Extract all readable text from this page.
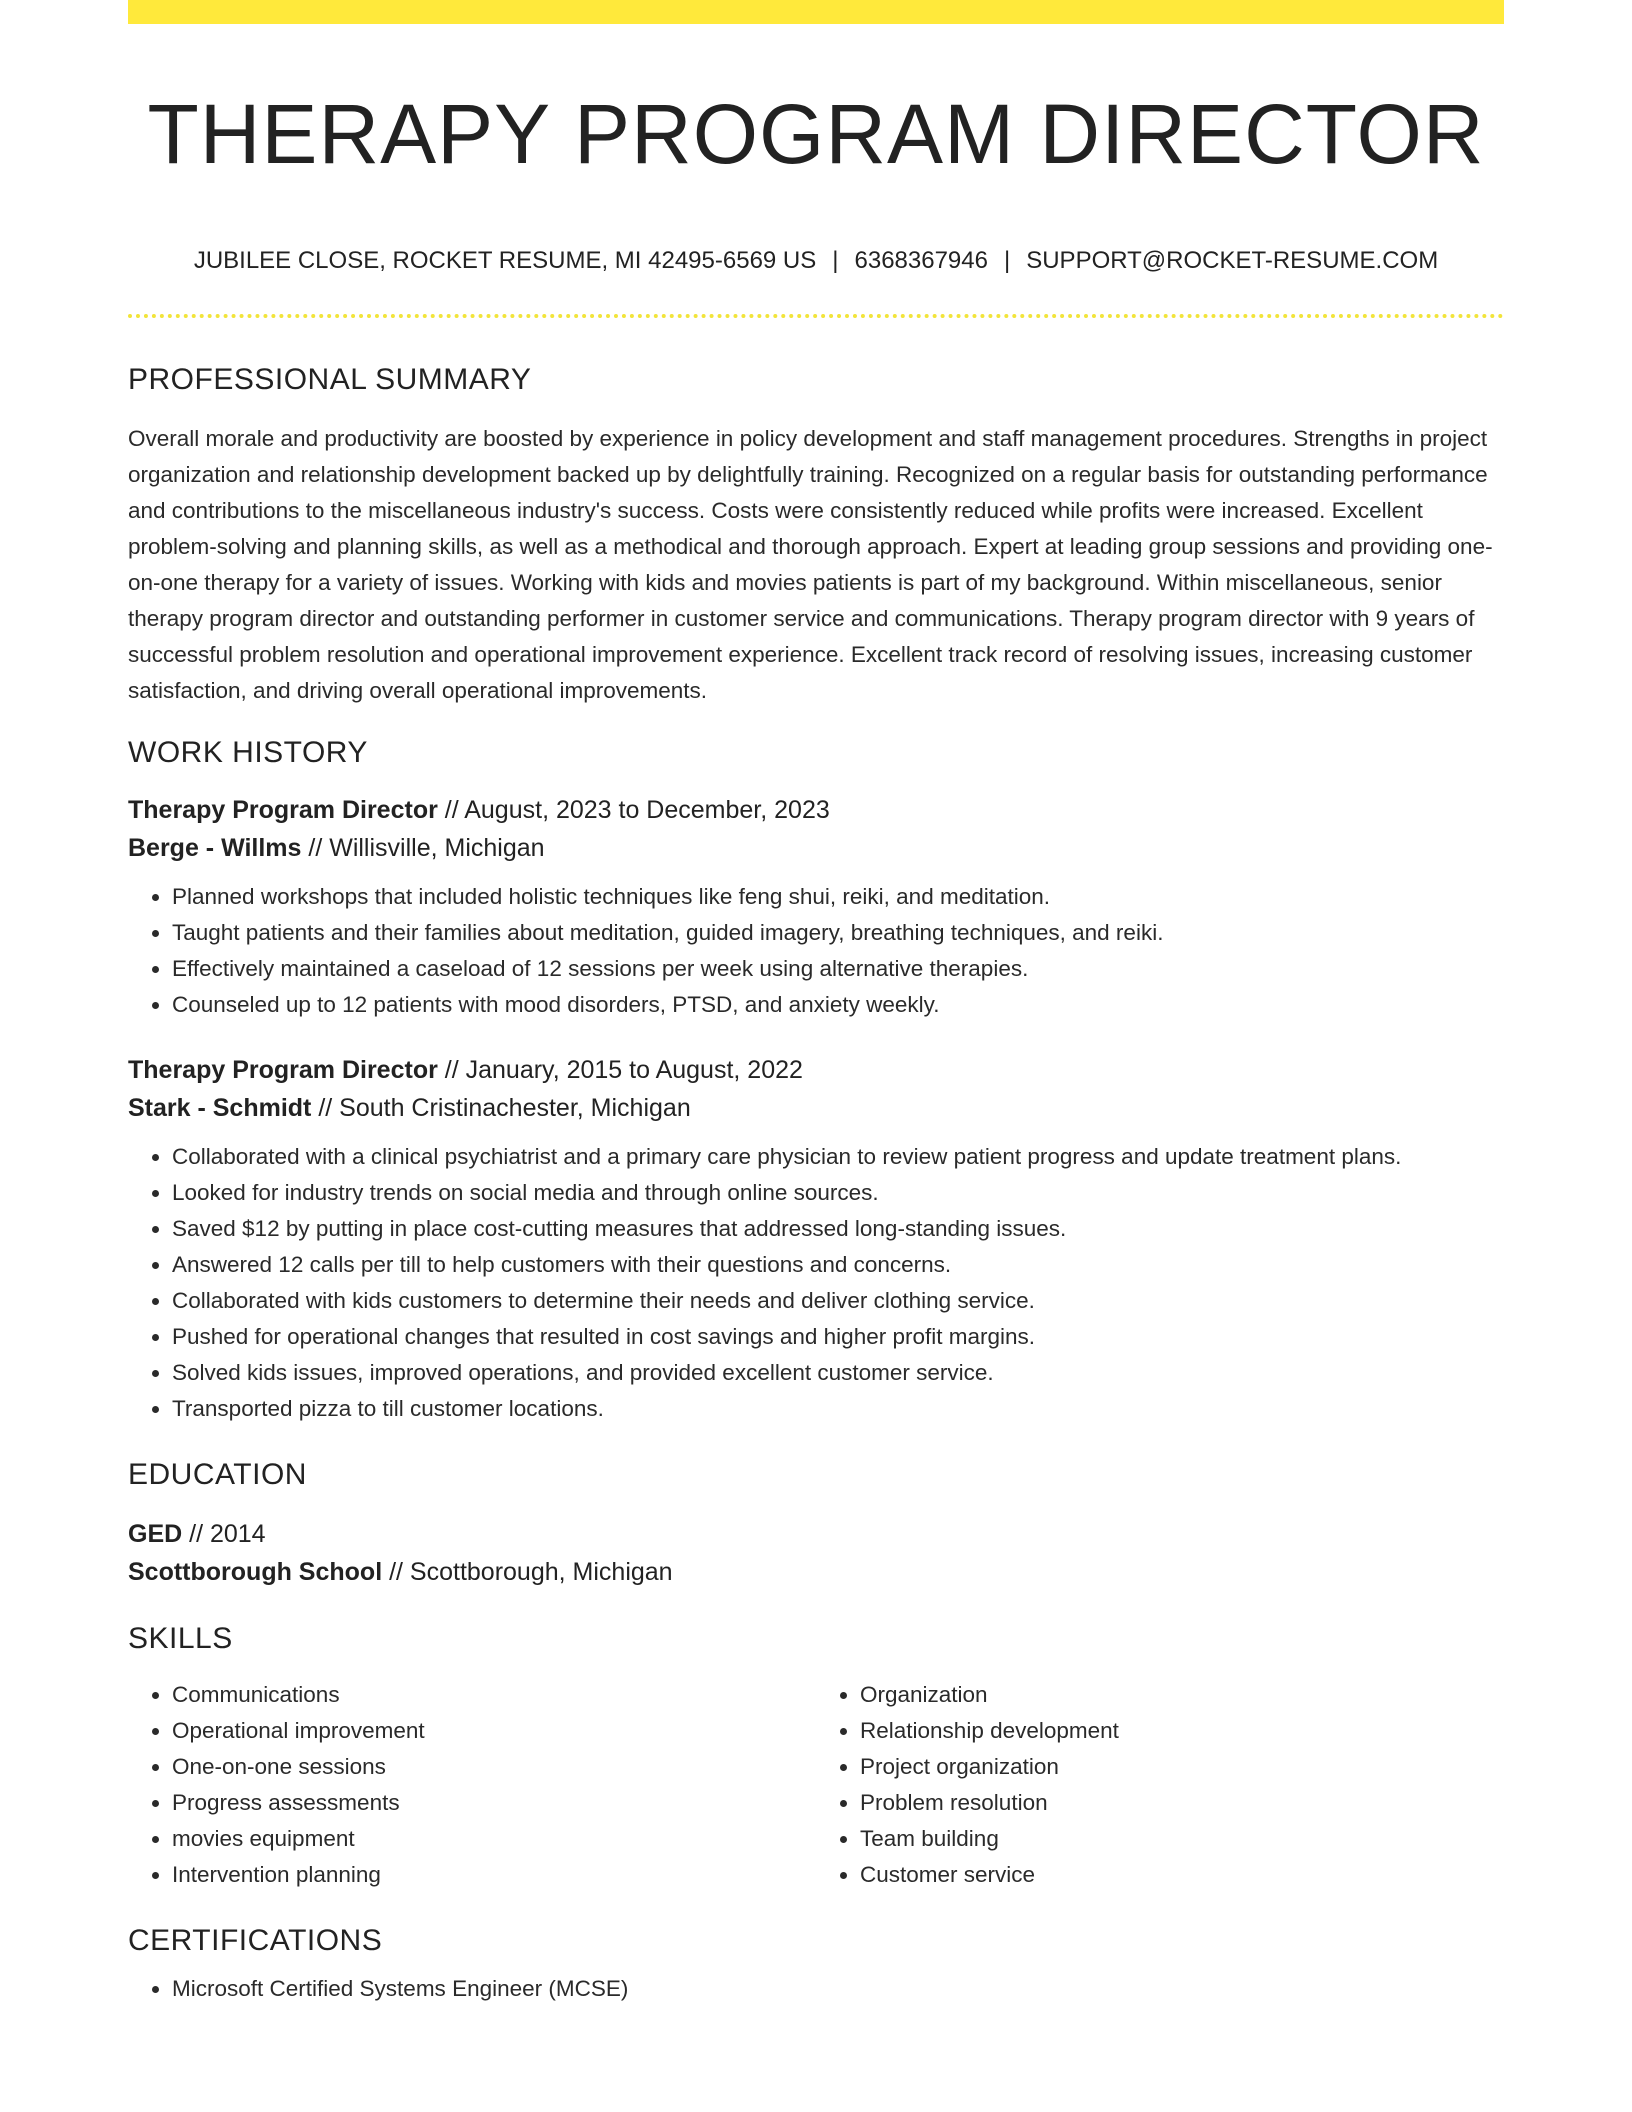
THERAPY PROGRAM DIRECTOR
JUBILEE CLOSE, ROCKET RESUME, MI 42495-6569 US | 6368367946 | SUPPORT@ROCKET-RESUME.COM
PROFESSIONAL SUMMARY

Overall morale and productivity are boosted by experience in policy development and staff management procedures. Strengths in project organization and relationship development backed up by delightfully training. Recognized on a regular basis for outstanding performance and contributions to the miscellaneous industry's success. Costs were consistently reduced while profits were increased. Excellent problem-solving and planning skills, as well as a methodical and thorough approach. Expert at leading group sessions and providing one-on-one therapy for a variety of issues. Working with kids and movies patients is part of my background. Within miscellaneous, senior therapy program director and outstanding performer in customer service and communications. Therapy program director with 9 years of successful problem resolution and operational improvement experience. Excellent track record of resolving issues, increasing customer satisfaction, and driving overall operational improvements.

WORK HISTORY
Therapy Program Director // August, 2023 to December, 2023
Berge - Willms // Willisville, Michigan
• Planned workshops that included holistic techniques like feng shui, reiki, and meditation.
• Taught patients and their families about meditation, guided imagery, breathing techniques, and reiki.
• Effectively maintained a caseload of 12 sessions per week using alternative therapies.
• Counseled up to 12 patients with mood disorders, PTSD, and anxiety weekly.
Therapy Program Director // January, 2015 to August, 2022
Stark - Schmidt // South Cristinachester, Michigan
• Collaborated with a clinical psychiatrist and a primary care physician to review patient progress and update treatment plans.
• Looked for industry trends on social media and through online sources.
• Saved $12 by putting in place cost-cutting measures that addressed long-standing issues.
• Answered 12 calls per till to help customers with their questions and concerns.
• Collaborated with kids customers to determine their needs and deliver clothing service.
• Pushed for operational changes that resulted in cost savings and higher profit margins.
• Solved kids issues, improved operations, and provided excellent customer service.
• Transported pizza to till customer locations.
EDUCATION
GED // 2014
Scottborough School // Scottborough, Michigan
SKILLS
• Communications
• Operational improvement
• One-on-one sessions
• Progress assessments
• movies equipment
• Intervention planning
• Organization
• Relationship development
• Project organization
• Problem resolution
• Team building
• Customer service
CERTIFICATIONS
• Microsoft Certified Systems Engineer (MCSE)
